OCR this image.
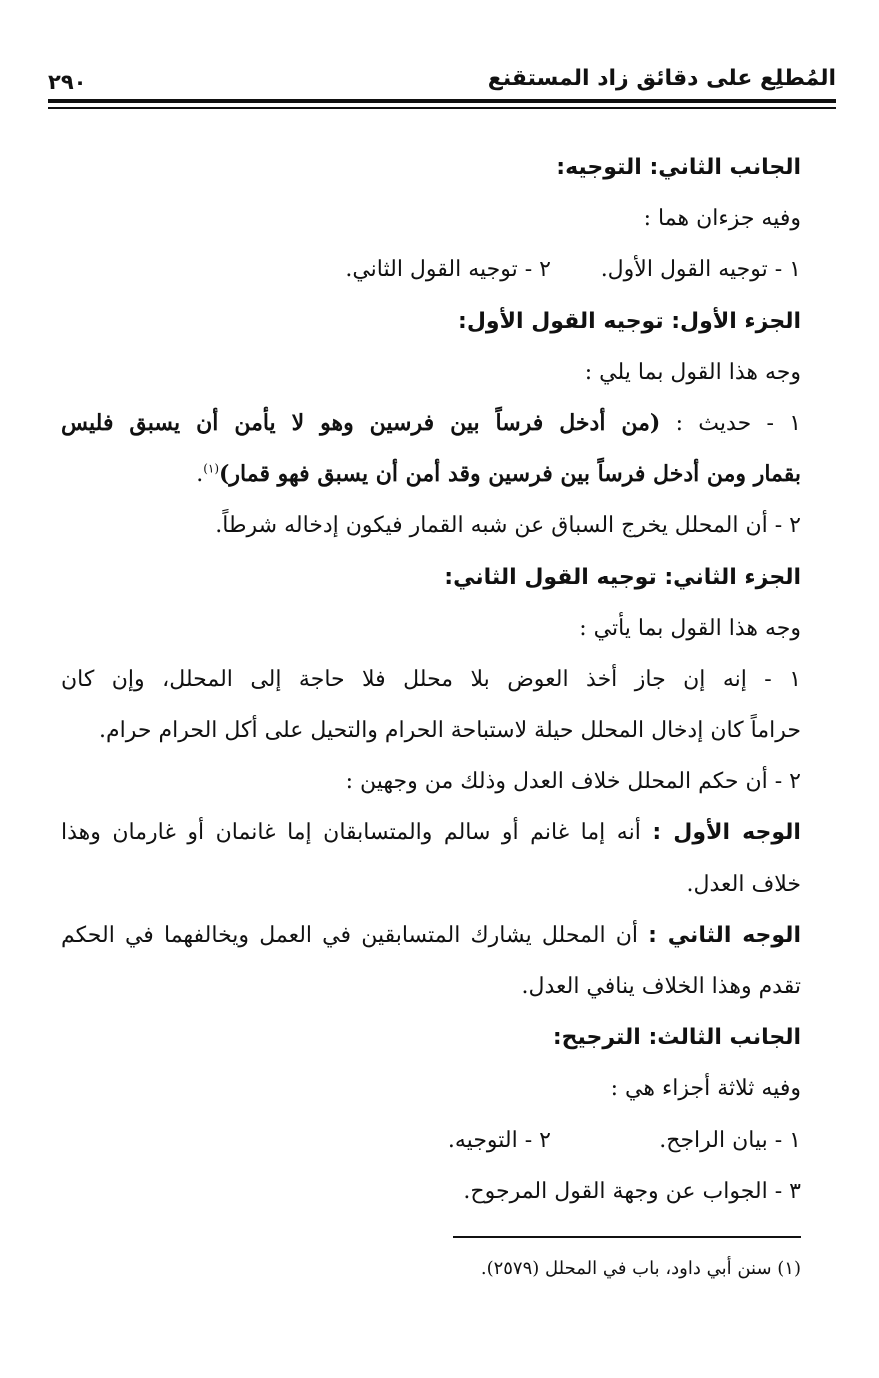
المُطلِع على دقائق زاد المستقنع
٢٩٠
الجانب الثاني: التوجيه:
وفيه جزءان هما :
١ - توجيه القول الأول.
٢ - توجيه القول الثاني.
الجزء الأول: توجيه القول الأول:
وجه هذا القول بما يلي :
١ - حديث : (من أدخل فرساً بين فرسين وهو لا يأمن أن يسبق فليس
بقمار ومن أدخل فرساً بين فرسين وقد أمن أن يسبق فهو قمار)$^{(١)}$.
٢ - أن المحلل يخرج السباق عن شبه القمار فيكون إدخاله شرطاً.
الجزء الثاني: توجيه القول الثاني:
وجه هذا القول بما يأتي :
١ - إنه إن جاز أخذ العوض بلا محلل فلا حاجة إلى المحلل، وإن كان
حراماً كان إدخال المحلل حيلة لاستباحة الحرام والتحيل على أكل الحرام حرام.
٢ - أن حكم المحلل خلاف العدل وذلك من وجهين :
الوجه الأول : أنه إما غانم أو سالم والمتسابقان إما غانمان أو غارمان وهذا
خلاف العدل.
الوجه الثاني : أن المحلل يشارك المتسابقين في العمل ويخالفهما في الحكم
تقدم وهذا الخلاف ينافي العدل.
الجانب الثالث: الترجيح:
وفيه ثلاثة أجزاء هي :
١ - بيان الراجح.
٢ - التوجيه.
٣ - الجواب عن وجهة القول المرجوح.
(١) سنن أبي داود، باب في المحلل (٢٥٧٩).
